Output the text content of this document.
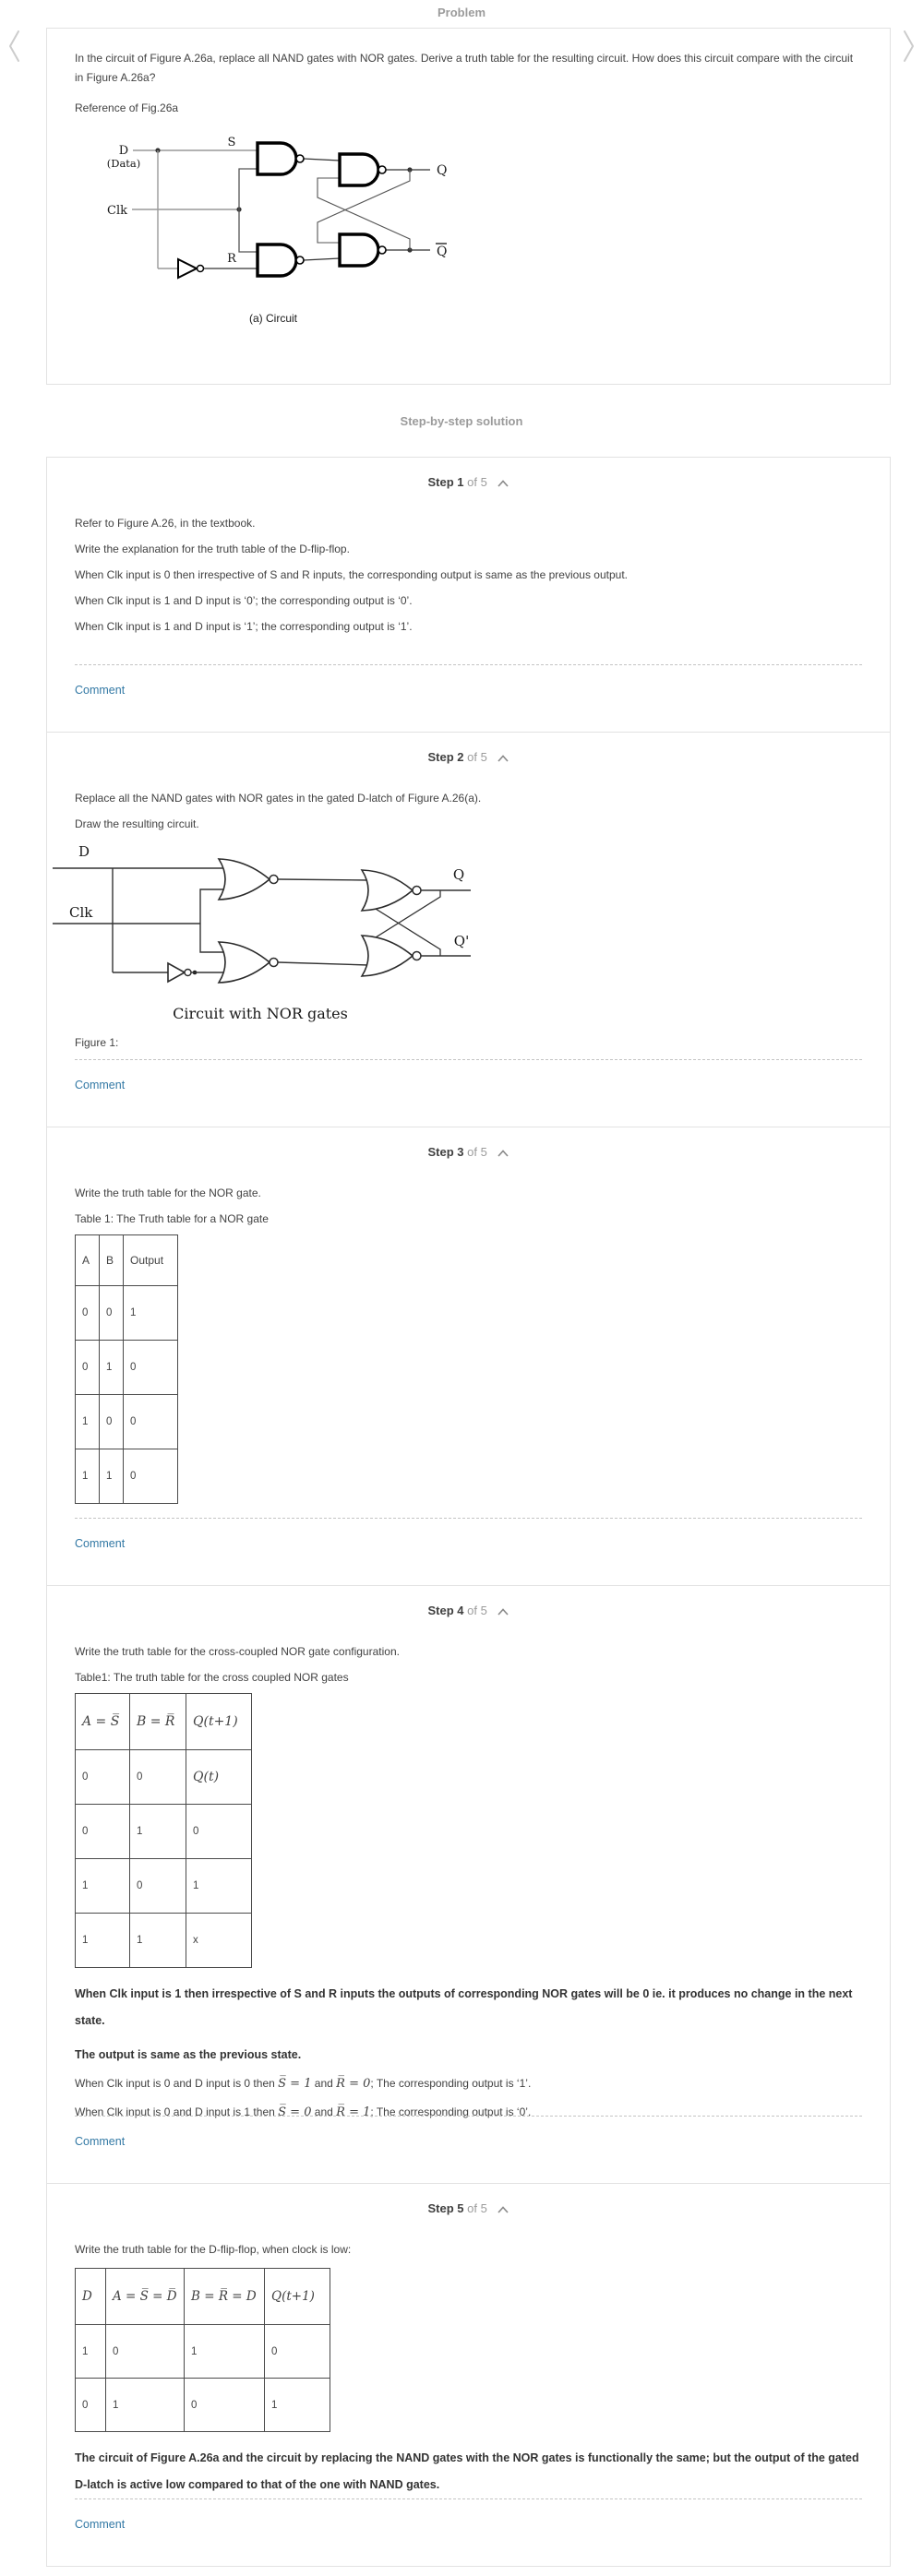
Problem

In the circuit of Figure A.26a, replace all NAND gates with NOR gates. Derive a truth table for the resulting circuit. How does this circuit compare with the circuit in Figure A.26a?

Reference of Fig.26a

D
(Data)
S
Clk
R
Q
Q
(a) Circuit
Step-by-step solution
Step 1 of 5

Refer to Figure A.26, in the textbook.

Write the explanation for the truth table of the D-flip-flop.

When Clk input is 0 then irrespective of S and R inputs, the corresponding output is same as the previous output.

When Clk input is 1 and D input is ‘0’; the corresponding output is ‘0’.

When Clk input is 1 and D input is ‘1’; the corresponding output is ‘1’.

Comment
Step 2 of 5

Replace all the NAND gates with NOR gates in the gated D-latch of Figure A.26(a).

Draw the resulting circuit.

D
Clk
Q
Q'
Circuit with NOR gates

Figure 1:

Comment
Step 3 of 5

Write the truth table for the NOR gate.

Table 1: The Truth table for a NOR gate

A	B	Output
0	0	1
0	1	0
1	0	0
1	1	0
Comment
Step 4 of 5

Write the truth table for the cross-coupled NOR gate configuration.

Table1: The truth table for the cross coupled NOR gates

A = S̅	B = R̅	Q(t+1)
0	0	Q(t)
0	1	0
1	0	1
1	1	x

When Clk input is 1 then irrespective of S and R inputs the outputs of corresponding NOR gates will be 0 ie. it produces no change in the next state.

The output is same as the previous state.

When Clk input is 0 and D input is 0 then S̅ = 1 and R̅ = 0; The corresponding output is ‘1’.

When Clk input is 0 and D input is 1 then S̅ = 0 and R̅ = 1; The corresponding output is ‘0’.

Comment
Step 5 of 5

Write the truth table for the D-flip-flop, when clock is low:

D	A = S̅ = D̅	B = R̅ = D	Q(t+1)
1	0	1	0
0	1	0	1

The circuit of Figure A.26a and the circuit by replacing the NAND gates with the NOR gates is functionally the same; but the output of the gated D-latch is active low compared to that of the one with NAND gates.

Comment
